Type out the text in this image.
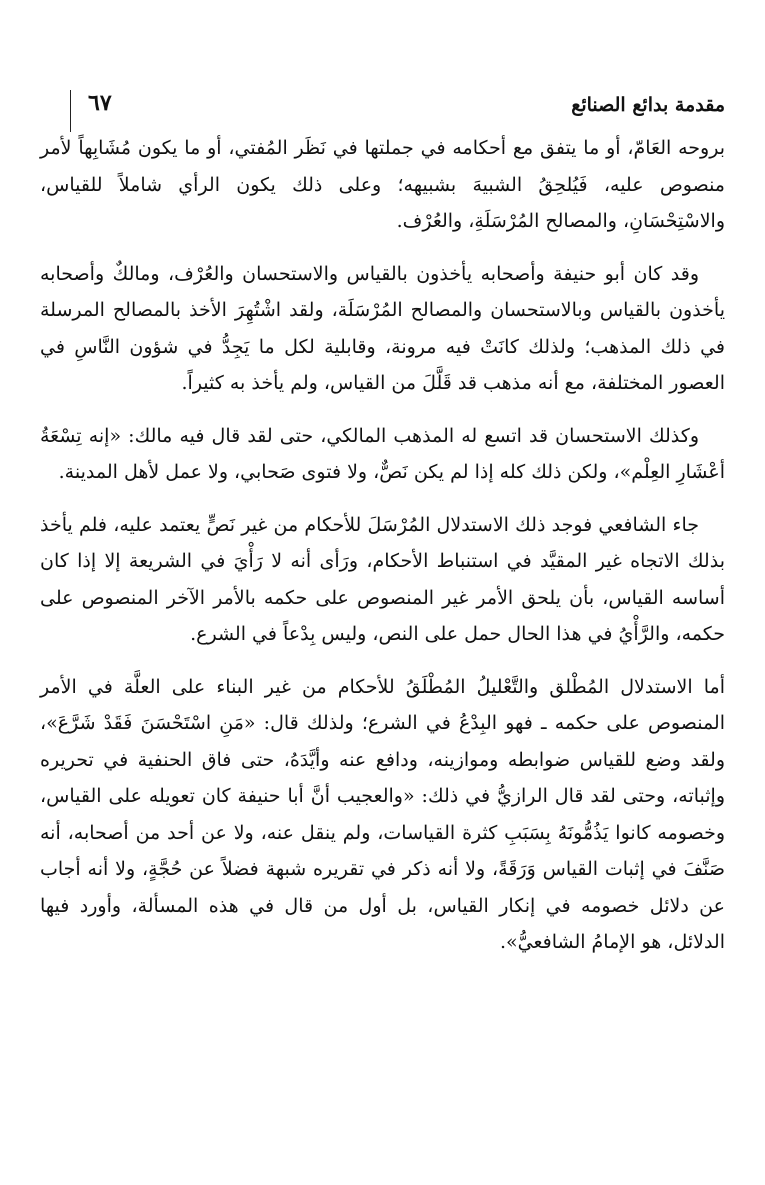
٦٧	مقدمة بدائع الصنائع

بروحه العَامّ، أو ما يتفق مع أحكامه في جملتها في نَظَر المُفتي، أو ما يكون مُشَابِهاً لأمر منصوص عليه، فَيُلحِقُ الشبيهَ بشبيهه؛ وعلى ذلك يكون الرأي شاملاً للقياس، والاسْتِحْسَانِ، والمصالح المُرْسَلَةِ، والعُرْف.

وقد كان أبو حنيفة وأصحابه يأخذون بالقياس والاستحسان والعُرْف، ومالكٌ وأصحابه يأخذون بالقياس وبالاستحسان والمصالح المُرْسَلَة، ولقد اشْتُهِرَ الأخذ بالمصالح المرسلة في ذلك المذهب؛ ولذلك كانَتْ فيه مرونة، وقابلية لكل ما يَجِدُّ في شؤون النَّاسِ في العصور المختلفة، مع أنه مذهب قد قَلَّلَ من القياس، ولم يأخذ به كثيراً.

وكذلك الاستحسان قد اتسع له المذهب المالكي، حتى لقد قال فيه مالك: «إنه تِسْعَةُ أعْشَارِ العِلْم»، ولكن ذلك كله إذا لم يكن نَصٌّ، ولا فتوى صَحابي، ولا عمل لأهل المدينة.

جاء الشافعي فوجد ذلك الاستدلال المُرْسَلَ للأحكام من غير نَصٍّ يعتمد عليه، فلم يأخذ بذلك الاتجاه غير المقيَّد في استنباط الأحكام، ورَأى أنه لا رَأْيَ في الشريعة إلا إذا كان أساسه القياس، بأن يلحق الأمر غير المنصوص على حكمه بالأمر الآخر المنصوص على حكمه، والرَّأْيُ في هذا الحال حمل على النص، وليس بِدْعاً في الشرع.

أما الاستدلال المُطْلق والتَّعْليلُ المُطْلَقُ للأحكام من غير البناء على العلَّة في الأمر المنصوص على حكمه ـ فهو البِدْعُ في الشرع؛ ولذلك قال: «مَنِ اسْتَحْسَنَ فَقَدْ شَرَّعَ»، ولقد وضع للقياس ضوابطه وموازينه، ودافع عنه وأيَّدَهُ، حتى فاق الحنفية في تحريره وإثباته، وحتى لقد قال الرازيُّ في ذلك: «والعجيب أنَّ أبا حنيفة كان تعويله على القياس، وخصومه كانوا يَذُمُّونَهُ بِسَبَبِ كثرة القياسات، ولم ينقل عنه، ولا عن أحد من أصحابه، أنه صَنَّفَ في إثبات القياس وَرَقَةً، ولا أنه ذكر في تقريره شبهة فضلاً عن حُجَّةٍ، ولا أنه أجاب عن دلائل خصومه في إنكار القياس، بل أول من قال في هذه المسألة، وأورد فيها الدلائل، هو الإمامُ الشافعيُّ».
